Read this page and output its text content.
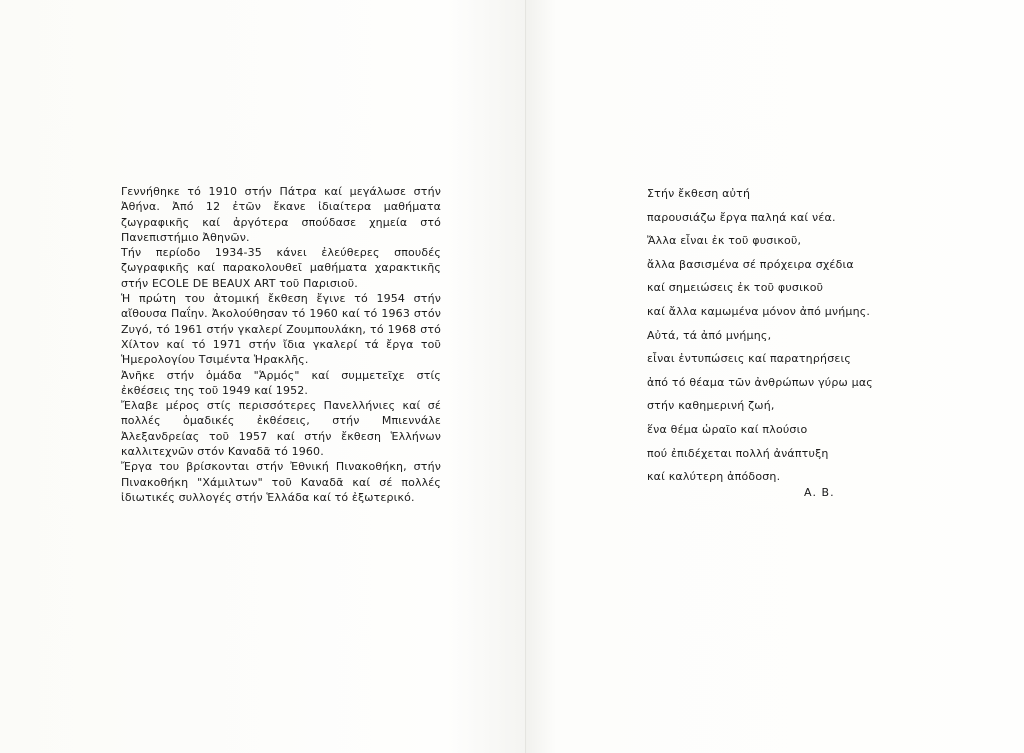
Γεννήθηκε τό 1910 στήν Πάτρα καί μεγάλωσε στήν Ἀθήνα. Ἀπό 12 ἐτῶν ἔκανε ἰδιαίτερα μαθήματα ζωγραφικῆς καί ἀργότερα σπούδασε χημεία στό Πανεπιστήμιο Ἀθηνῶν.

Τήν περίοδο 1934-35 κάνει ἐλεύθερες σπουδές ζωγραφικῆς καί παρακολουθεῖ μαθήματα χαρακτικῆς στήν ECOLE DE BEAUX ART τοῦ Παρισιοῦ.

Ἡ πρώτη του ἀτομική ἔκθεση ἔγινε τό 1954 στήν αἴθουσα Παΐην. Ἀκολούθησαν τό 1960 καί τό 1963 στόν Ζυγό, τό 1961 στήν γκαλερί Ζουμπουλάκη, τό 1968 στό Χίλτον καί τό 1971 στήν ἴδια γκαλερί τά ἔργα τοῦ Ἡμερολογίου Τσιμέντα Ἡρακλῆς.

Ἀνῆκε στήν ὁμάδα "Ἁρμός" καί συμμετεῖχε στίς ἐκθέσεις της τοῦ 1949 καί 1952.

Ἔλαβε μέρος στίς περισσότερες Πανελλήνιες καί σέ πολλές ὁμαδικές ἐκθέσεις, στήν Μπιεννάλε Ἀλεξανδρείας τοῦ 1957 καί στήν ἔκθεση Ἑλλήνων καλλιτεχνῶν στόν Καναδᾶ τό 1960.

Ἔργα του βρίσκονται στήν Ἐθνική Πινακοθήκη, στήν Πινακοθήκη "Χάμιλτων" τοῦ Καναδᾶ καί σέ πολλές ἰδιωτικές συλλογές στήν Ἑλλάδα καί τό ἐξωτερικό.

Στήν ἔκθεση αὐτή
παρουσιάζω ἔργα παληά καί νέα.
Ἄλλα εἶναι ἐκ τοῦ φυσικοῦ,
ἄλλα βασισμένα σέ πρόχειρα σχέδια
καί σημειώσεις ἐκ τοῦ φυσικοῦ
καί ἄλλα καμωμένα μόνον ἀπό μνήμης.
Αὐτά, τά ἀπό μνήμης,
εἶναι ἐντυπώσεις καί παρατηρήσεις
ἀπό τό θέαμα τῶν ἀνθρώπων γύρω μας
στήν καθημερινή ζωή,
ἕνα θέμα ὡραῖο καί πλούσιο
πού ἐπιδέχεται πολλή ἀνάπτυξη
καί καλύτερη ἀπόδοση.
Α. Β.
